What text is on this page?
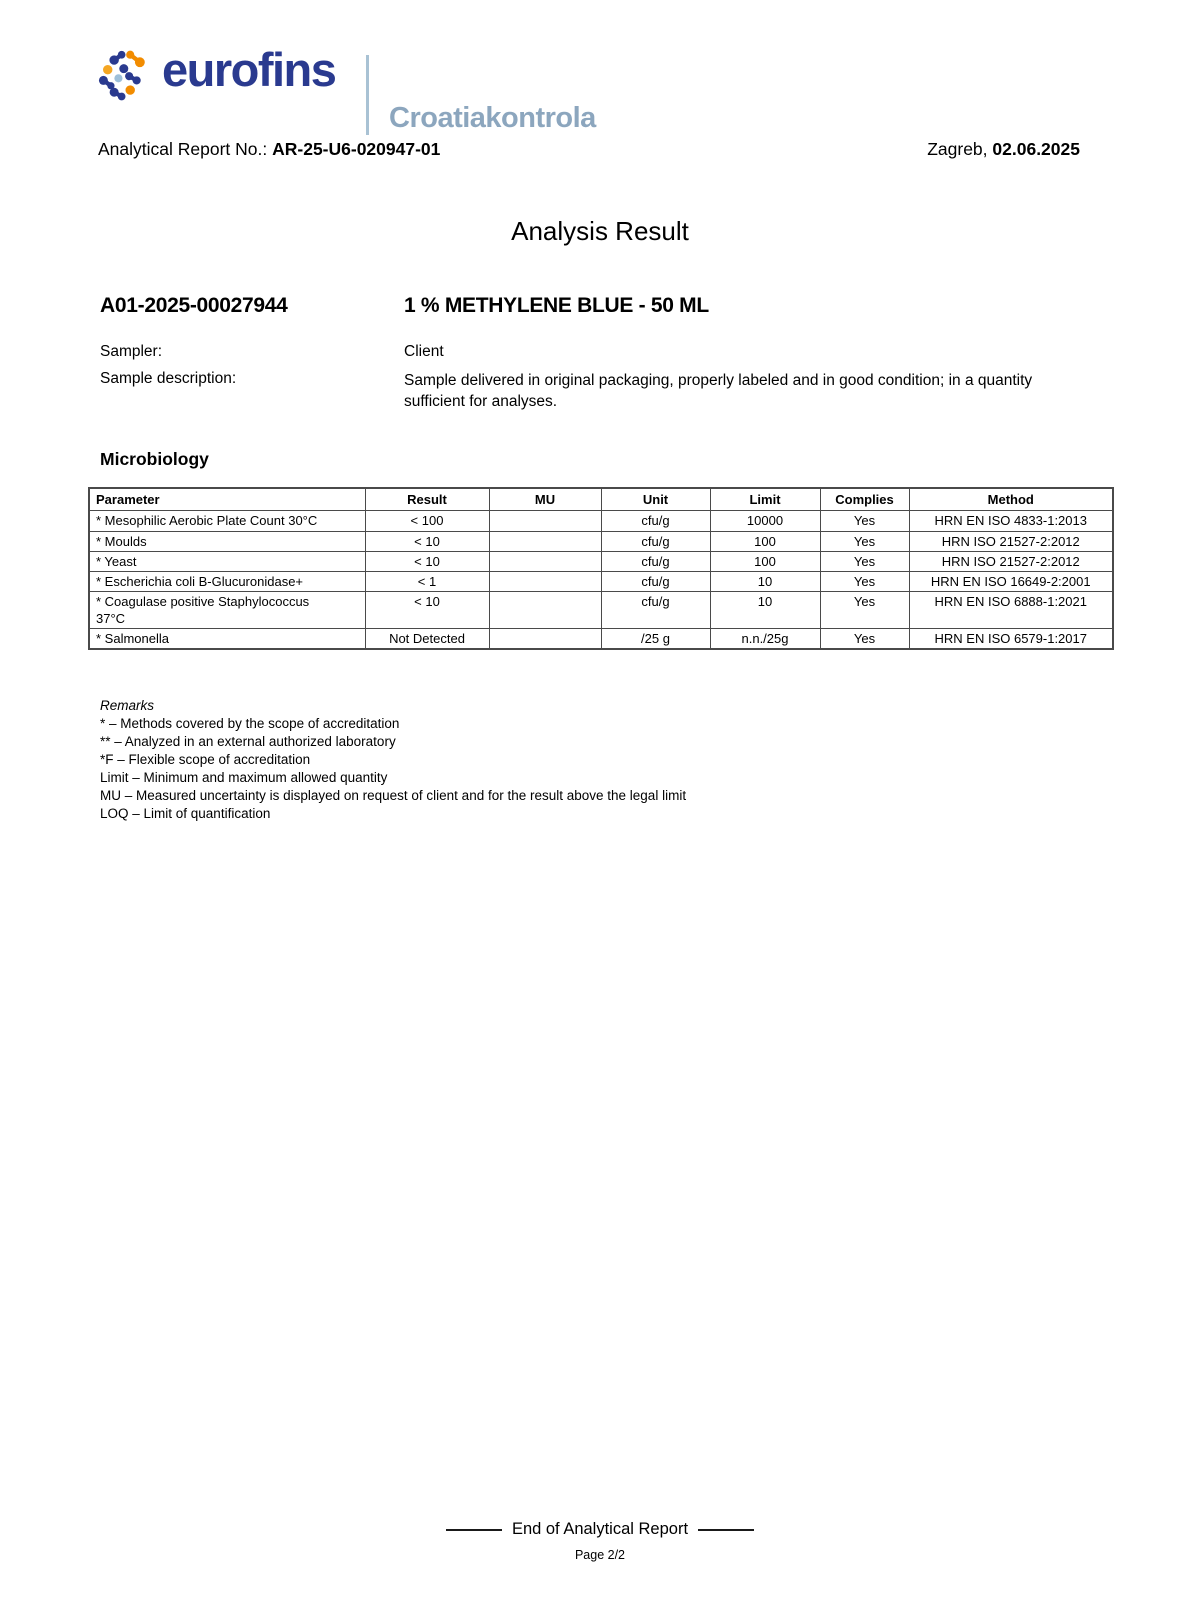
eurofins
Croatiakontrola
Analytical Report No.: AR-25-U6-020947-01	Zagreb, 02.06.2025
Analysis Result
A01-2025-00027944	1 % METHYLENE BLUE - 50 ML
Sampler:	Client
Sample description:	Sample delivered in original packaging, properly labeled and in good condition; in a quantity sufficient for analyses.
Microbiology
Parameter	Result	MU	Unit	Limit	Complies	Method
* Mesophilic Aerobic Plate Count 30°C	< 100		cfu/g	10000	Yes	HRN EN ISO 4833-1:2013
* Moulds	< 10		cfu/g	100	Yes	HRN ISO 21527-2:2012
* Yeast	< 10		cfu/g	100	Yes	HRN ISO 21527-2:2012
* Escherichia coli B-Glucuronidase+	< 1		cfu/g	10	Yes	HRN EN ISO 16649-2:2001
* Coagulase positive Staphylococcus 37°C	< 10		cfu/g	10	Yes	HRN EN ISO 6888-1:2021
* Salmonella	Not Detected		/25 g	n.n./25g	Yes	HRN EN ISO 6579-1:2017
Remarks
* – Methods covered by the scope of accreditation
** – Analyzed in an external authorized laboratory
*F – Flexible scope of accreditation
Limit – Minimum and maximum allowed quantity
MU – Measured uncertainty is displayed on request of client and for the result above the legal limit
LOQ – Limit of quantification
End of Analytical Report
Page 2/2
